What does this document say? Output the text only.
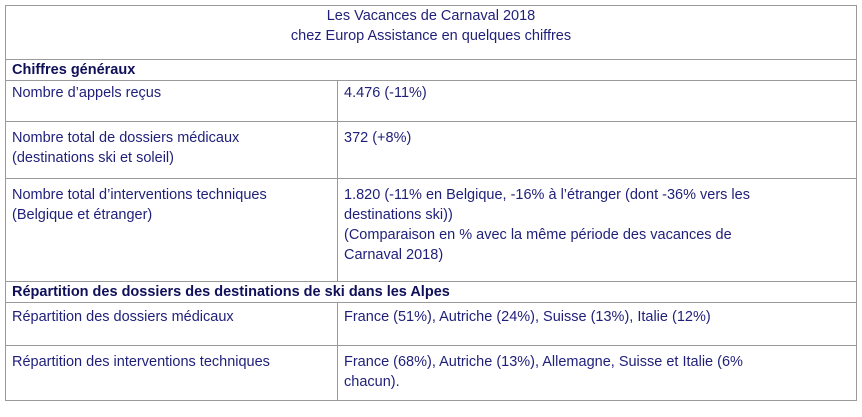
Les Vacances de Carnaval 2018
chez Europ Assistance en quelques chiffres	

Chiffres généraux	
Nombre d’appels reçus	4.476 (-11%)

Nombre total de dossiers médicaux
(destinations ski et soleil)	372 (+8%)

Nombre total d’interventions techniques
(Belgique et étranger)	1.820 (-11% en Belgique, -16% à l’étranger (dont -36% vers les
destinations ski))
(Comparaison en % avec la même période des vacances de
Carnaval 2018)

Répartition des dossiers des destinations de ski dans les Alpes	
Répartition des dossiers médicaux	France (51%), Autriche (24%), Suisse (13%), Italie (12%)
Répartition des interventions techniques	France (68%), Autriche (13%), Allemagne, Suisse et Italie (6%
chacun).
